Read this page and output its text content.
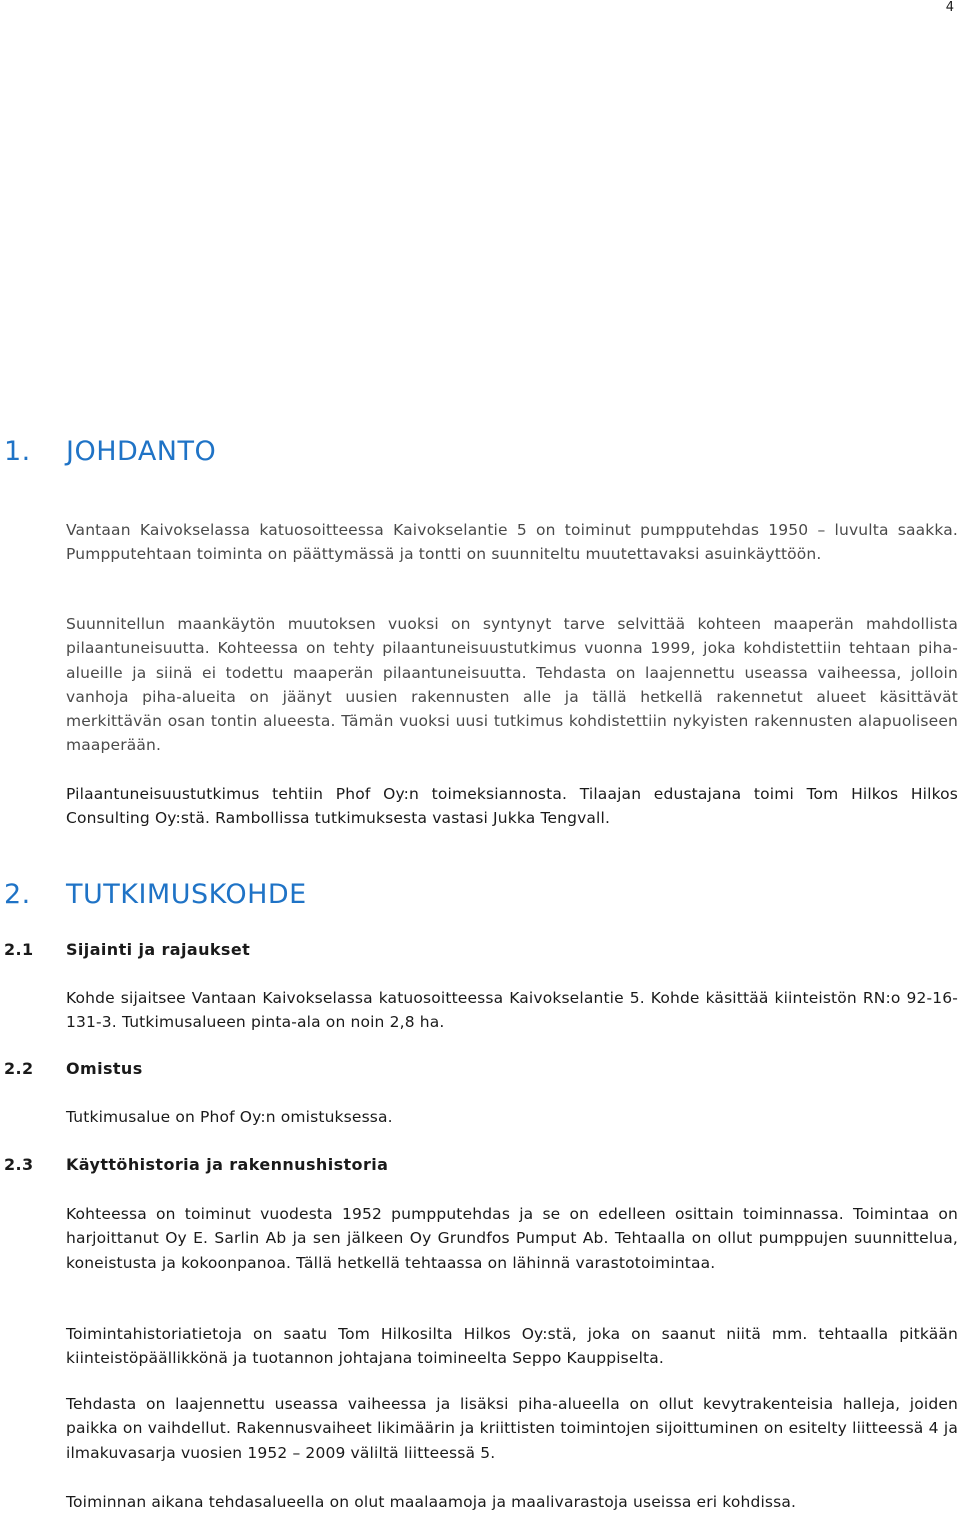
4
1. JOHDANTO

Vantaan Kaivokselassa katuosoitteessa Kaivokselantie 5 on toiminut pumpputehdas 1950 – luvulta saakka. Pumpputehtaan toiminta on päättymässä ja tontti on suunniteltu muutettavaksi asuinkäyttöön.

Suunnitellun maankäytön muutoksen vuoksi on syntynyt tarve selvittää kohteen maaperän mahdollista pilaantuneisuutta. Kohteessa on tehty pilaantuneisuustutkimus vuonna 1999, joka kohdistettiin tehtaan piha-alueille ja siinä ei todettu maaperän pilaantuneisuutta. Tehdasta on laajennettu useassa vaiheessa, jolloin vanhoja piha-alueita on jäänyt uusien rakennusten alle ja tällä hetkellä rakennetut alueet käsittävät merkittävän osan tontin alueesta. Tämän vuoksi uusi tutkimus kohdistettiin nykyisten rakennusten alapuoliseen maaperään.

Pilaantuneisuustutkimus tehtiin Phof Oy:n toimeksiannosta. Tilaajan edustajana toimi Tom Hilkos Hilkos Consulting Oy:stä. Rambollissa tutkimuksesta vastasi Jukka Tengvall.

2. TUTKIMUSKOHDE
2.1 Sijainti ja rajaukset

Kohde sijaitsee Vantaan Kaivokselassa katuosoitteessa Kaivokselantie 5. Kohde käsittää kiinteistön RN:o 92-16-131-3. Tutkimusalueen pinta-ala on noin 2,8 ha.

2.2 Omistus

Tutkimusalue on Phof Oy:n omistuksessa.

2.3 Käyttöhistoria ja rakennushistoria

Kohteessa on toiminut vuodesta 1952 pumpputehdas ja se on edelleen osittain toiminnassa. Toimintaa on harjoittanut Oy E. Sarlin Ab ja sen jälkeen Oy Grundfos Pumput Ab. Tehtaalla on ollut pumppujen suunnittelua, koneistusta ja kokoonpanoa. Tällä hetkellä tehtaassa on lähinnä varastotoimintaa.

Toimintahistoriatietoja on saatu Tom Hilkosilta Hilkos Oy:stä, joka on saanut niitä mm. tehtaalla pitkään kiinteistöpäällikkönä ja tuotannon johtajana toimineelta Seppo Kauppiselta.

Tehdasta on laajennettu useassa vaiheessa ja lisäksi piha-alueella on ollut kevytrakenteisia halleja, joiden paikka on vaihdellut. Rakennusvaiheet likimäärin ja kriittisten toimintojen sijoittuminen on esitelty liitteessä 4 ja ilmakuvasarja vuosien 1952 – 2009 väliltä liitteessä 5.

Toiminnan aikana tehdasalueella on olut maalaamoja ja maalivarastoja useissa eri kohdissa.
